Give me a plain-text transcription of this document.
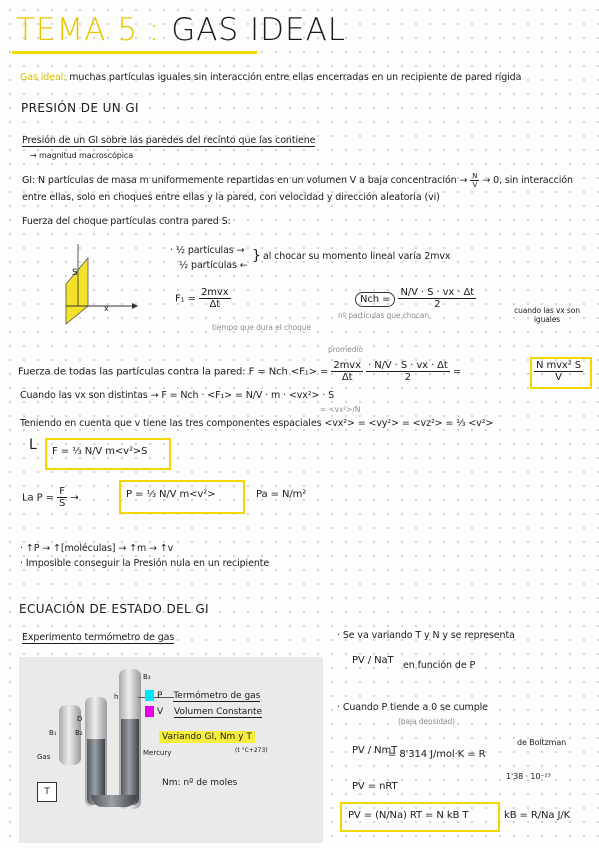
TEMA 5 : GAS IDEAL
Gas ideal: muchas partículas iguales sin interacción entre ellas encerradas en un recipiente de pared rígida
PRESIÓN DE UN GI
Presión de un GI sobre las paredes del recinto que las contiene
→ magnitud macroscópica
GI: N partículas de masa m uniformemente repartidas en un volumen V a baja concentración → $\frac{N}{V} \to 0$, sin interacción
entre ellas, solo en choques entre ellas y la pared, con velocidad y dirección aleatoria (vi)
Fuerza del choque partículas contra pared S:
S
x
· ½ partículas →
½ partículas ←
} al chocar su momento lineal varía 2mvx
$F_1 = \frac{\text{2mvx}}{\Delta t}$	Nch = $\frac{N/V \cdot S \cdot vx \cdot \Delta t}{2}$
nº partículas que chocan
tiempo que dura el choque
promedio
cuando las vx son iguales
Fuerza de todas las partículas contra la pared: F = Nch $<F_1> = \frac{\text{2mvx}}{\Delta t}$
$\frac{\cdot N/V \cdot S \cdot vx \cdot \Delta t}{2}$ =	$\frac{\text{N mvx² S}}{V}$
Cuando las vx son distintas → F = Nch · <F₁> = N/V · m · <vx²> · S
= <vx²>/N
Teniendo en cuenta que v tiene las tres componentes espaciales <vx²> = <vy²> = <vz²> = ⅓ <v²>
L F = ⅓ N/V m<v²>S
La $P = \frac{F}{S}$ →	P = ⅓ N/V m<v²>	Pa = N/m²
· ↑P → ↑[moléculas] → ↑m → ↑v
· Imposible conseguir la Presión nula en un recipiente
ECUACIÓN DE ESTADO DEL GI
Experimento termómetro de gas
B₁	B₂
B₃
h
D
Gas	Mercury
P Termómetro de gas
V Volumen Constante
Variando GI, Nm y T
(t °C+273)
Nm: nº de moles
T
· Se va variando T y N y se representa
PV / NaT en función de P
· Cuando P tiende a 0 se cumple
(baja densidad)
PV / NmT
= 8'314 J/mol·K = R
de Boltzman
1'38 · 10⁻²³
PV = nRT
PV = (N/Na) RT = N kB T	kB = R/Na J/K
